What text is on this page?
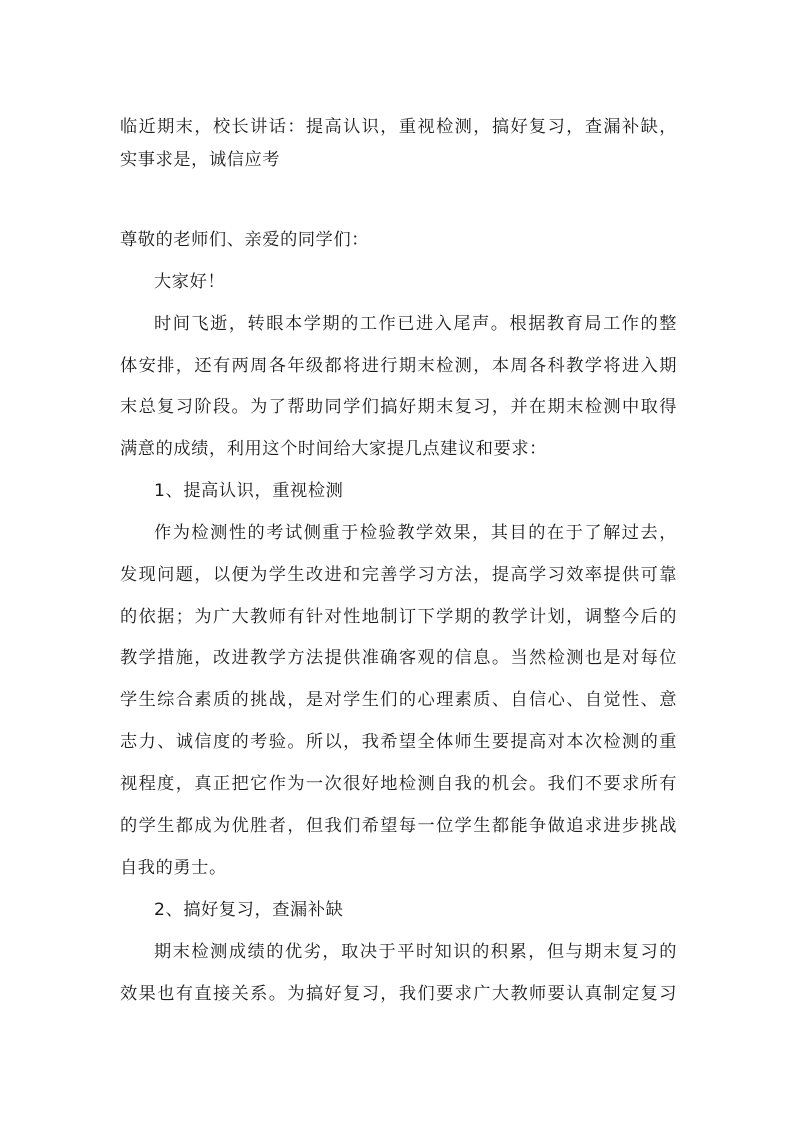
临近期末，校长讲话：提高认识，重视检测，搞好复习，查漏补缺，
实事求是，诚信应考
尊敬的老师们、亲爱的同学们：
大家好！
时间飞逝，转眼本学期的工作已进入尾声。根据教育局工作的整
体安排，还有两周各年级都将进行期末检测，本周各科教学将进入期
末总复习阶段。为了帮助同学们搞好期末复习，并在期末检测中取得
满意的成绩，利用这个时间给大家提几点建议和要求：
1、提高认识，重视检测
作为检测性的考试侧重于检验教学效果，其目的在于了解过去，
发现问题，以便为学生改进和完善学习方法，提高学习效率提供可靠
的依据；为广大教师有针对性地制订下学期的教学计划，调整今后的
教学措施，改进教学方法提供准确客观的信息。当然检测也是对每位
学生综合素质的挑战，是对学生们的心理素质、自信心、自觉性、意
志力、诚信度的考验。所以，我希望全体师生要提高对本次检测的重
视程度，真正把它作为一次很好地检测自我的机会。我们不要求所有
的学生都成为优胜者，但我们希望每一位学生都能争做追求进步挑战
自我的勇士。
2、搞好复习，查漏补缺
期末检测成绩的优劣，取决于平时知识的积累，但与期末复习的
效果也有直接关系。为搞好复习，我们要求广大教师要认真制定复习
